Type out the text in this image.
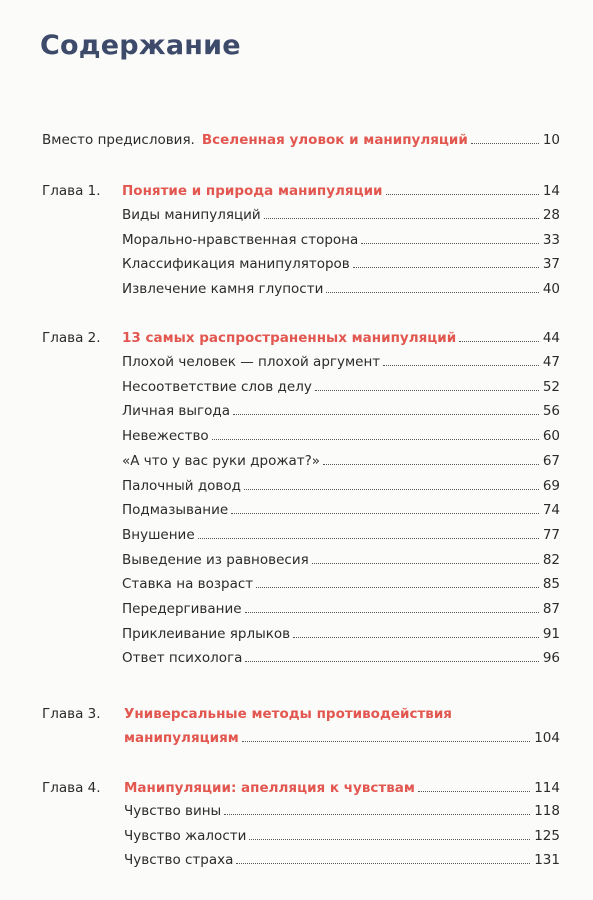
Содержание
Вместо предисловия. Вселенная уловок и манипуляций	10
Глава 1. Понятие и природа манипуляции	14
Виды манипуляций	28
Морально-нравственная сторона	33
Классификация манипуляторов	37
Извлечение камня глупости	40
Глава 2. 13 самых распространенных манипуляций	44
Плохой человек — плохой аргумент	47
Несоответствие слов делу	52
Личная выгода	56
Невежество	60
«А что у вас руки дрожат?»	67
Палочный довод	69
Подмазывание	74
Внушение	77
Выведение из равновесия	82
Ставка на возраст	85
Передергивание	87
Приклеивание ярлыков	91
Ответ психолога	96
Глава 3. Универсальные методы противодействия
манипуляциям	104
Глава 4. Манипуляции: апелляция к чувствам	114
Чувство вины	118
Чувство жалости	125
Чувство страха	131
